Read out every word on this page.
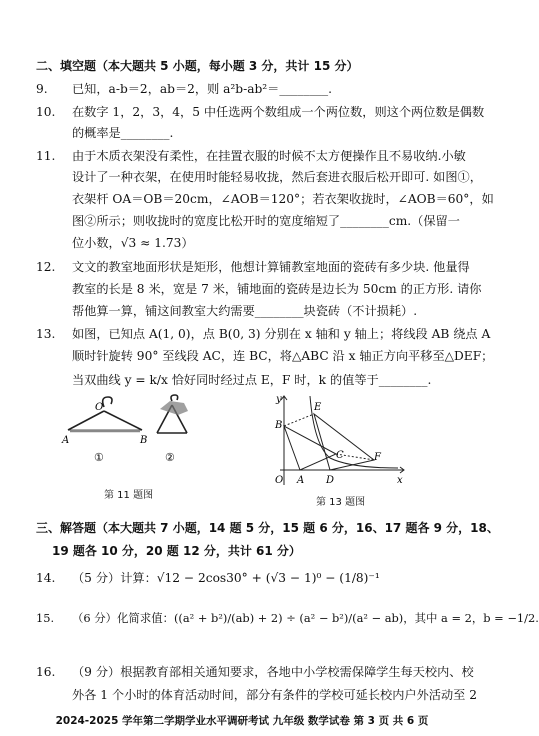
二、填空题（本大题共 5 小题，每小题 3 分，共计 15 分）
9. 已知，a-b＝2，ab＝2，则 a²b-ab²＝________.
10. 在数字 1，2，3，4，5 中任选两个数组成一个两位数，则这个两位数是偶数
的概率是________.
11. 由于木质衣架没有柔性，在挂置衣服的时候不太方便操作且不易收纳.小敏
设计了一种衣架，在使用时能轻易收拢，然后套进衣服后松开即可. 如图①，
衣架杆 OA＝OB＝20cm，∠AOB＝120°；若衣架收拢时，∠AOB＝60°，如
图②所示；则收拢时的宽度比松开时的宽度缩短了________cm.（保留一
位小数，√3 ≈ 1.73）
12. 文文的教室地面形状是矩形，他想计算铺教室地面的瓷砖有多少块. 他量得
教室的长是 8 米，宽是 7 米，铺地面的瓷砖是边长为 50cm 的正方形. 请你
帮他算一算，铺这间教室大约需要________块瓷砖（不计损耗）.
13. 如图，已知点 A(1, 0)，点 B(0, 3) 分别在 x 轴和 y 轴上；将线段 AB 绕点 A
顺时针旋转 90° 至线段 AC，连 BC，将△ABC 沿 x 轴正方向平移至△DEF；
当双曲线 y = k/x 恰好同时经过点 E，F 时，k 的值等于________.
O
A	B
①	②
第 11 题图
y
x
O A
B
C
D
E
F
第 13 题图
三、解答题（本大题共 7 小题，14 题 5 分，15 题 6 分，16、17 题各 9 分，18、
19 题各 10 分，20 题 12 分，共计 61 分）
14. （5 分）计算：√12 − 2cos30° + (√3 − 1)⁰ − (1/8)⁻¹
15. （6 分）化简求值：((a² + b²)/(ab) + 2) ÷ (a² − b²)/(a² − ab)，其中 a = 2，b = −1/2.
16. （9 分）根据教育部相关通知要求，各地中小学校需保障学生每天校内、校
外各 1 个小时的体育活动时间，部分有条件的学校可延长校内户外活动至 2
2024-2025 学年第二学期学业水平调研考试 九年级 数学试卷 第 3 页 共 6 页
